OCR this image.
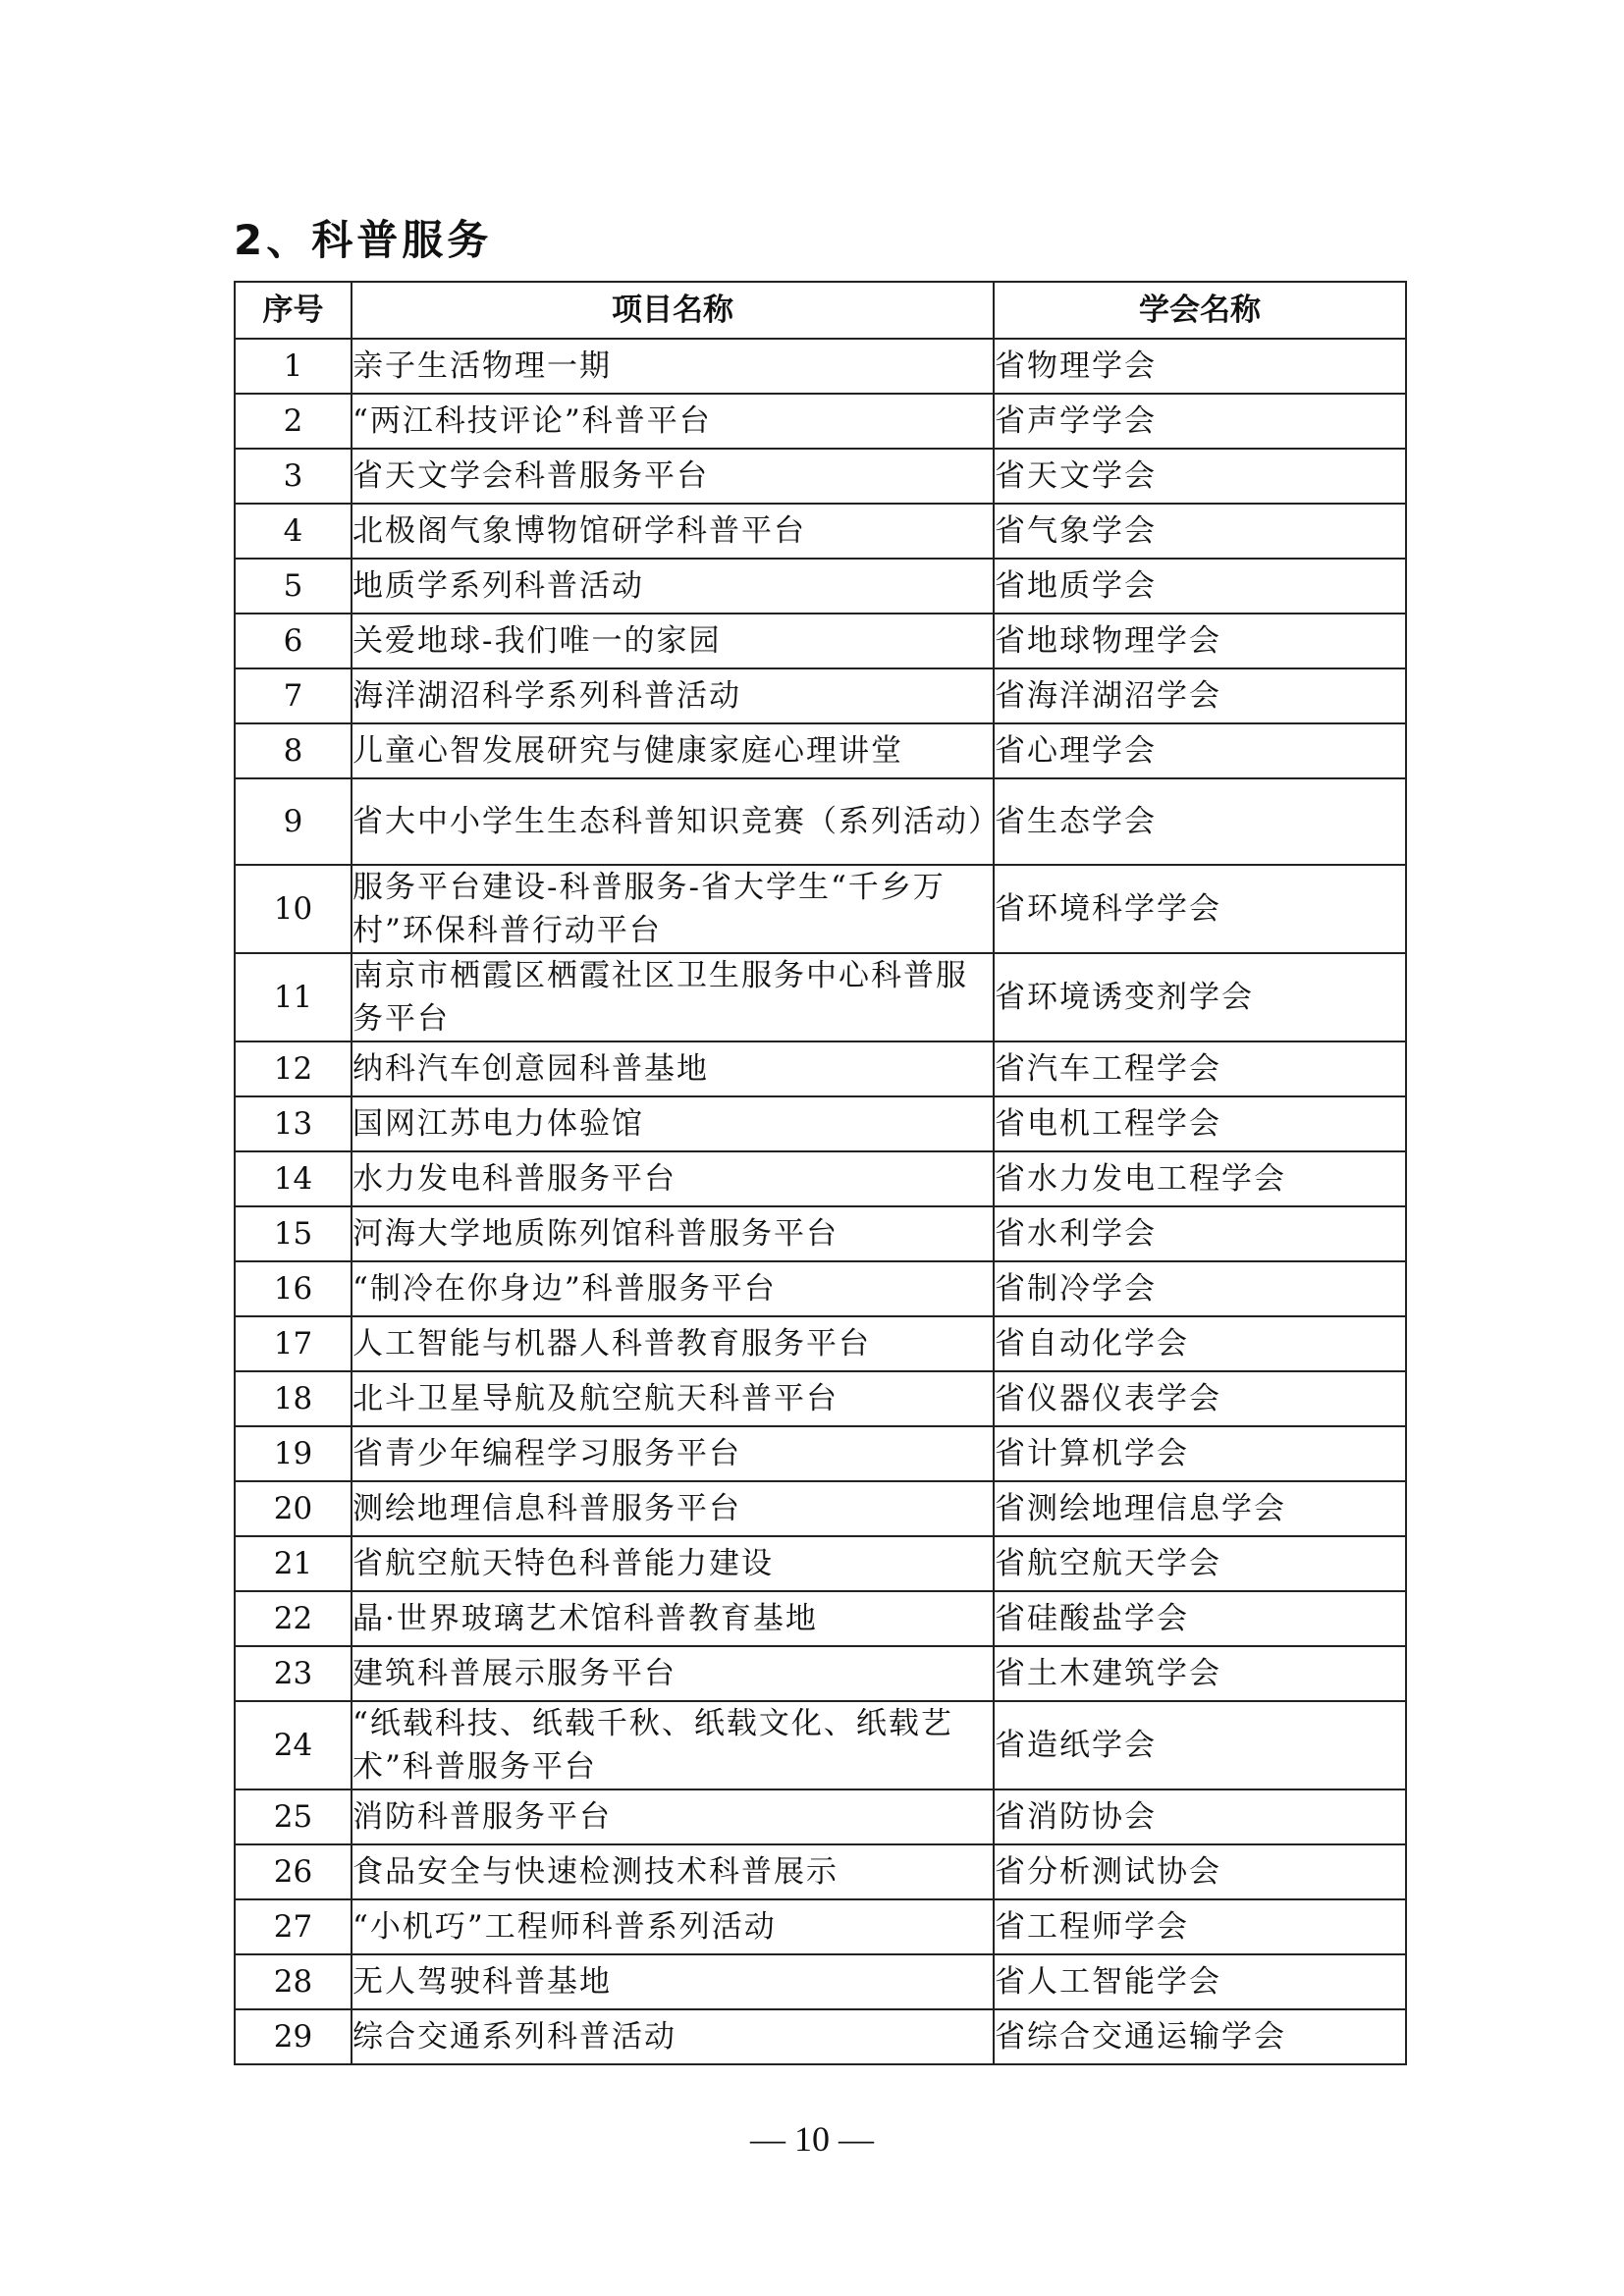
2、科普服务
序号	项目名称	学会名称
1	亲子生活物理一期	省物理学会
2	“两江科技评论”科普平台	省声学学会
3	省天文学会科普服务平台	省天文学会
4	北极阁气象博物馆研学科普平台	省气象学会
5	地质学系列科普活动	省地质学会
6	关爱地球-我们唯一的家园	省地球物理学会
7	海洋湖沼科学系列科普活动	省海洋湖沼学会
8	儿童心智发展研究与健康家庭心理讲堂	省心理学会
9	省大中小学生生态科普知识竞赛（系列活动）	省生态学会
10	服务平台建设-科普服务-省大学生“千乡万村”环保科普行动平台	省环境科学学会
11	南京市栖霞区栖霞社区卫生服务中心科普服务平台	省环境诱变剂学会
12	纳科汽车创意园科普基地	省汽车工程学会
13	国网江苏电力体验馆	省电机工程学会
14	水力发电科普服务平台	省水力发电工程学会
15	河海大学地质陈列馆科普服务平台	省水利学会
16	“制冷在你身边”科普服务平台	省制冷学会
17	人工智能与机器人科普教育服务平台	省自动化学会
18	北斗卫星导航及航空航天科普平台	省仪器仪表学会
19	省青少年编程学习服务平台	省计算机学会
20	测绘地理信息科普服务平台	省测绘地理信息学会
21	省航空航天特色科普能力建设	省航空航天学会
22	晶·世界玻璃艺术馆科普教育基地	省硅酸盐学会
23	建筑科普展示服务平台	省土木建筑学会
24	“纸载科技、纸载千秋、纸载文化、纸载艺术”科普服务平台	省造纸学会
25	消防科普服务平台	省消防协会
26	食品安全与快速检测技术科普展示	省分析测试协会
27	“小机巧”工程师科普系列活动	省工程师学会
28	无人驾驶科普基地	省人工智能学会
29	综合交通系列科普活动	省综合交通运输学会
— 10 —
